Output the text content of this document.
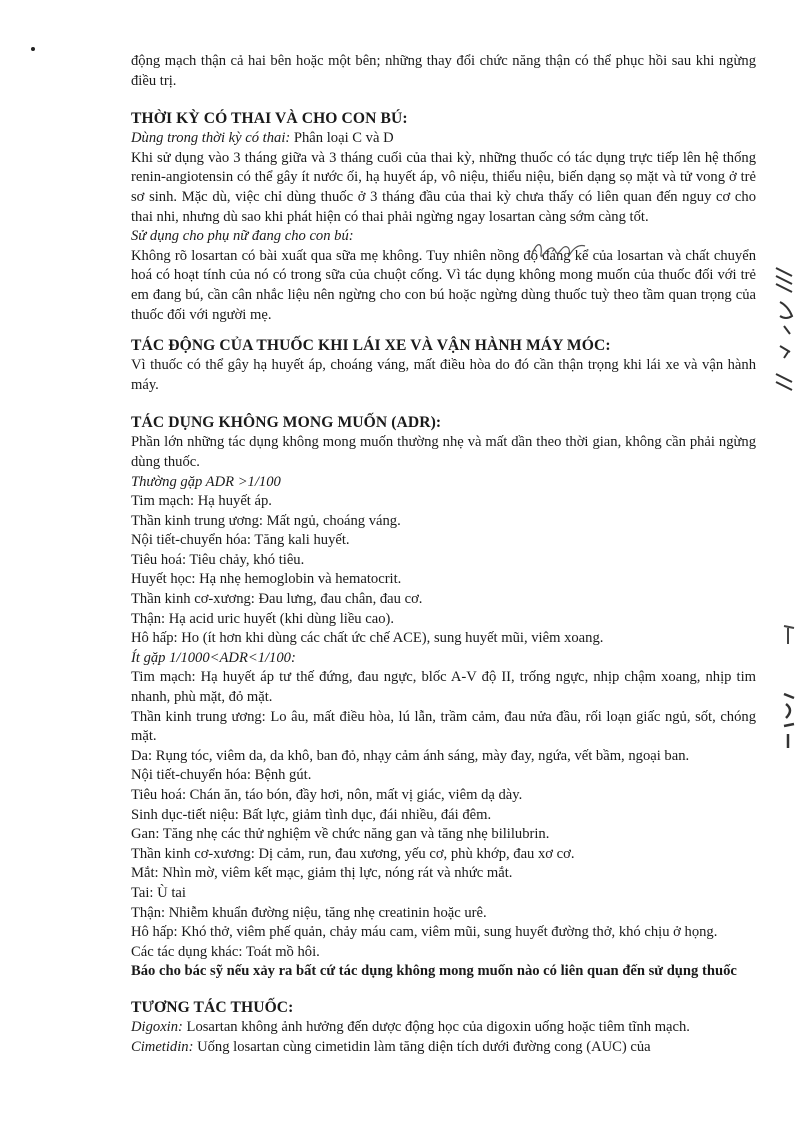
động mạch thận cả hai bên hoặc một bên; những thay đổi chức năng thận có thể phục hồi sau khi ngừng điều trị.

THỜI KỲ CÓ THAI VÀ CHO CON BÚ:

Dùng trong thời kỳ có thai: Phân loại C và D

Khi sử dụng vào 3 tháng giữa và 3 tháng cuối của thai kỳ, những thuốc có tác dụng trực tiếp lên hệ thống renin-angiotensin có thể gây ít nước ối, hạ huyết áp, vô niệu, thiểu niệu, biến dạng sọ mặt và tử vong ở trẻ sơ sinh. Mặc dù, việc chỉ dùng thuốc ở 3 tháng đầu của thai kỳ chưa thấy có liên quan đến nguy cơ cho thai nhi, nhưng dù sao khi phát hiện có thai phải ngừng ngay losartan càng sớm càng tốt.

Sử dụng cho phụ nữ đang cho con bú:

Không rõ losartan có bài xuất qua sữa mẹ không. Tuy nhiên nồng độ đáng kể của losartan và chất chuyển hoá có hoạt tính của nó có trong sữa của chuột cống. Vì tác dụng không mong muốn của thuốc đối với trẻ em đang bú, cần cân nhắc liệu nên ngừng cho con bú hoặc ngừng dùng thuốc tuỳ theo tầm quan trọng của thuốc đối với người mẹ.

TÁC ĐỘNG CỦA THUỐC KHI LÁI XE VÀ VẬN HÀNH MÁY MÓC:

Vì thuốc có thể gây hạ huyết áp, choáng váng, mất điều hòa do đó cần thận trọng khi lái xe và vận hành máy.

TÁC DỤNG KHÔNG MONG MUỐN (ADR):

Phần lớn những tác dụng không mong muốn thường nhẹ và mất dần theo thời gian, không cần phải ngừng dùng thuốc.

Thường gặp ADR >1/100

Tim mạch: Hạ huyết áp.

Thần kinh trung ương: Mất ngủ, choáng váng.

Nội tiết-chuyển hóa: Tăng kali huyết.

Tiêu hoá: Tiêu chảy, khó tiêu.

Huyết học: Hạ nhẹ hemoglobin và hematocrit.

Thần kinh cơ-xương: Đau lưng, đau chân, đau cơ.

Thận: Hạ acid uric huyết (khi dùng liều cao).

Hô hấp: Ho (ít hơn khi dùng các chất ức chế ACE), sung huyết mũi, viêm xoang.

Ít gặp 1/1000<ADR<1/100:

Tim mạch: Hạ huyết áp tư thế đứng, đau ngực, blốc A-V độ II, trống ngực, nhịp chậm xoang, nhịp tim nhanh, phù mặt, đỏ mặt.

Thần kinh trung ương: Lo âu, mất điều hòa, lú lẫn, trầm cảm, đau nửa đầu, rối loạn giấc ngủ, sốt, chóng mặt.

Da: Rụng tóc, viêm da, da khô, ban đỏ, nhạy cảm ánh sáng, mày đay, ngứa, vết bầm, ngoại ban.

Nội tiết-chuyển hóa: Bệnh gút.

Tiêu hoá: Chán ăn, táo bón, đầy hơi, nôn, mất vị giác, viêm dạ dày.

Sinh dục-tiết niệu: Bất lực, giảm tình dục, đái nhiều, đái đêm.

Gan: Tăng nhẹ các thử nghiệm về chức năng gan và tăng nhẹ bililubrin.

Thần kinh cơ-xương: Dị cảm, run, đau xương, yếu cơ, phù khớp, đau xơ cơ.

Mắt: Nhìn mờ, viêm kết mạc, giảm thị lực, nóng rát và nhức mắt.

Tai: Ù tai

Thận: Nhiễm khuẩn đường niệu, tăng nhẹ creatinin hoặc urê.

Hô hấp: Khó thở, viêm phế quản, chảy máu cam, viêm mũi, sung huyết đường thở, khó chịu ở họng.

Các tác dụng khác: Toát mồ hôi.

Báo cho bác sỹ nếu xảy ra bất cứ tác dụng không mong muốn nào có liên quan đến sử dụng thuốc

TƯƠNG TÁC THUỐC:

Digoxin: Losartan không ảnh hưởng đến dược động học của digoxin uống hoặc tiêm tĩnh mạch.

Cimetidin: Uống losartan cùng cimetidin làm tăng diện tích dưới đường cong (AUC) của
